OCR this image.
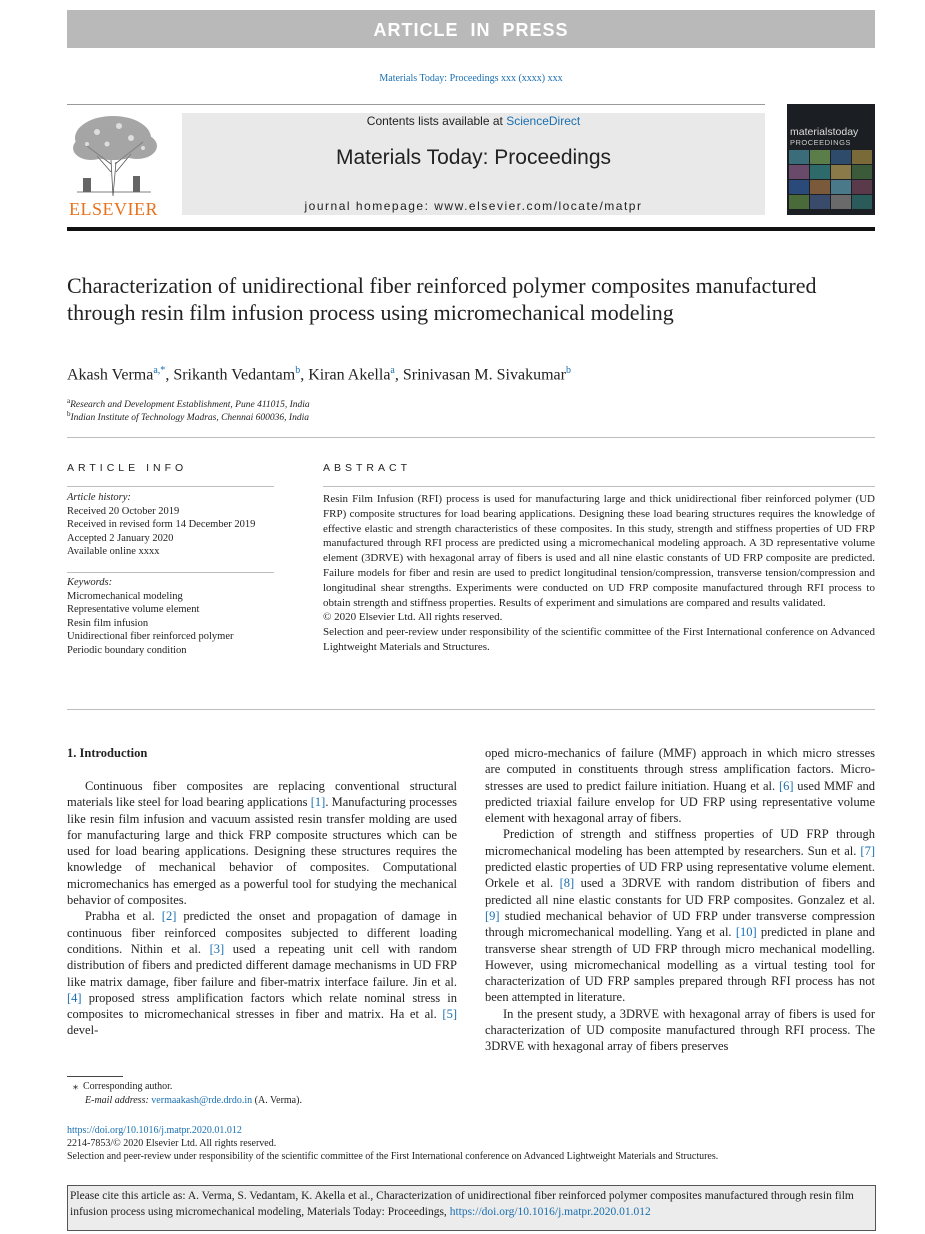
ARTICLE IN PRESS
Materials Today: Proceedings xxx (xxxx) xxx
ELSEVIER
Contents lists available at ScienceDirect
Materials Today: Proceedings
journal homepage: www.elsevier.com/locate/matpr
materialstoday
PROCEEDINGS
Characterization of unidirectional fiber reinforced polymer composites manufactured through resin film infusion process using micromechanical modeling
Akash Verma$^{a,*}$, Srikanth Vedantam$^b$, Kiran Akella$^a$, Srinivasan M. Sivakumar$^b$
$^a$Research and Development Establishment, Pune 411015, India
$^b$Indian Institute of Technology Madras, Chennai 600036, India
ARTICLE INFO
Article history:
Received 20 October 2019
Received in revised form 14 December 2019
Accepted 2 January 2020
Available online xxxx
Keywords:
Micromechanical modeling
Representative volume element
Resin film infusion
Unidirectional fiber reinforced polymer
Periodic boundary condition
ABSTRACT

Resin Film Infusion (RFI) process is used for manufacturing large and thick unidirectional fiber reinforced polymer (UD FRP) composite structures for load bearing applications. Designing these load bearing structures requires the knowledge of effective elastic and strength characteristics of these composites. In this study, strength and stiffness properties of UD FRP manufactured through RFI process are predicted using a micromechanical modeling approach. A 3D representative volume element (3DRVE) with hexagonal array of fibers is used and all nine elastic constants of UD FRP composite are predicted. Failure models for fiber and resin are used to predict longitudinal tension/compression, transverse tension/compression and longitudinal shear strengths. Experiments were conducted on UD FRP composite manufactured through RFI process to obtain strength and stiffness properties. Results of experiment and simulations are compared and results validated.

© 2020 Elsevier Ltd. All rights reserved.

Selection and peer-review under responsibility of the scientific committee of the First International conference on Advanced Lightweight Materials and Structures.

1. Introduction

Continuous fiber composites are replacing conventional structural materials like steel for load bearing applications [1]. Manufacturing processes like resin film infusion and vacuum assisted resin transfer molding are used for manufacturing large and thick FRP composite structures which can be used for load bearing applications. Designing these structures requires the knowledge of mechanical behavior of composites. Computational micromechanics has emerged as a powerful tool for studying the mechanical behavior of composites.

Prabha et al. [2] predicted the onset and propagation of damage in continuous fiber reinforced composites subjected to different loading conditions. Nithin et al. [3] used a repeating unit cell with random distribution of fibers and predicted different damage mechanisms in UD FRP like matrix damage, fiber failure and fiber-matrix interface failure. Jin et al. [4] proposed stress amplification factors which relate nominal stress in composites to micromechanical stresses in fiber and matrix. Ha et al. [5] devel-

oped micro-mechanics of failure (MMF) approach in which micro stresses are computed in constituents through stress amplification factors. Micro-stresses are used to predict failure initiation. Huang et al. [6] used MMF and predicted triaxial failure envelop for UD FRP using representative volume element with hexagonal array of fibers.

Prediction of strength and stiffness properties of UD FRP through micromechanical modeling has been attempted by researchers. Sun et al. [7] predicted elastic properties of UD FRP using representative volume element. Orkele et al. [8] used a 3DRVE with random distribution of fibers and predicted all nine elastic constants for UD FRP composites. Gonzalez et al. [9] studied mechanical behavior of UD FRP under transverse compression through micromechanical modelling. Yang et al. [10] predicted in plane and transverse shear strength of UD FRP through micro mechanical modelling. However, using micromechanical modelling as a virtual testing tool for characterization of UD FRP samples prepared through RFI process has not been attempted in literature.

In the present study, a 3DRVE with hexagonal array of fibers is used for characterization of UD composite manufactured through RFI process. The 3DRVE with hexagonal array of fibers preserves

⁎ Corresponding author.
E-mail address: vermaakash@rde.drdo.in (A. Verma).
https://doi.org/10.1016/j.matpr.2020.01.012
2214-7853/© 2020 Elsevier Ltd. All rights reserved.
Selection and peer-review under responsibility of the scientific committee of the First International conference on Advanced Lightweight Materials and Structures.
Please cite this article as: A. Verma, S. Vedantam, K. Akella et al., Characterization of unidirectional fiber reinforced polymer composites manufactured through resin film infusion process using micromechanical modeling, Materials Today: Proceedings, https://doi.org/10.1016/j.matpr.2020.01.012
